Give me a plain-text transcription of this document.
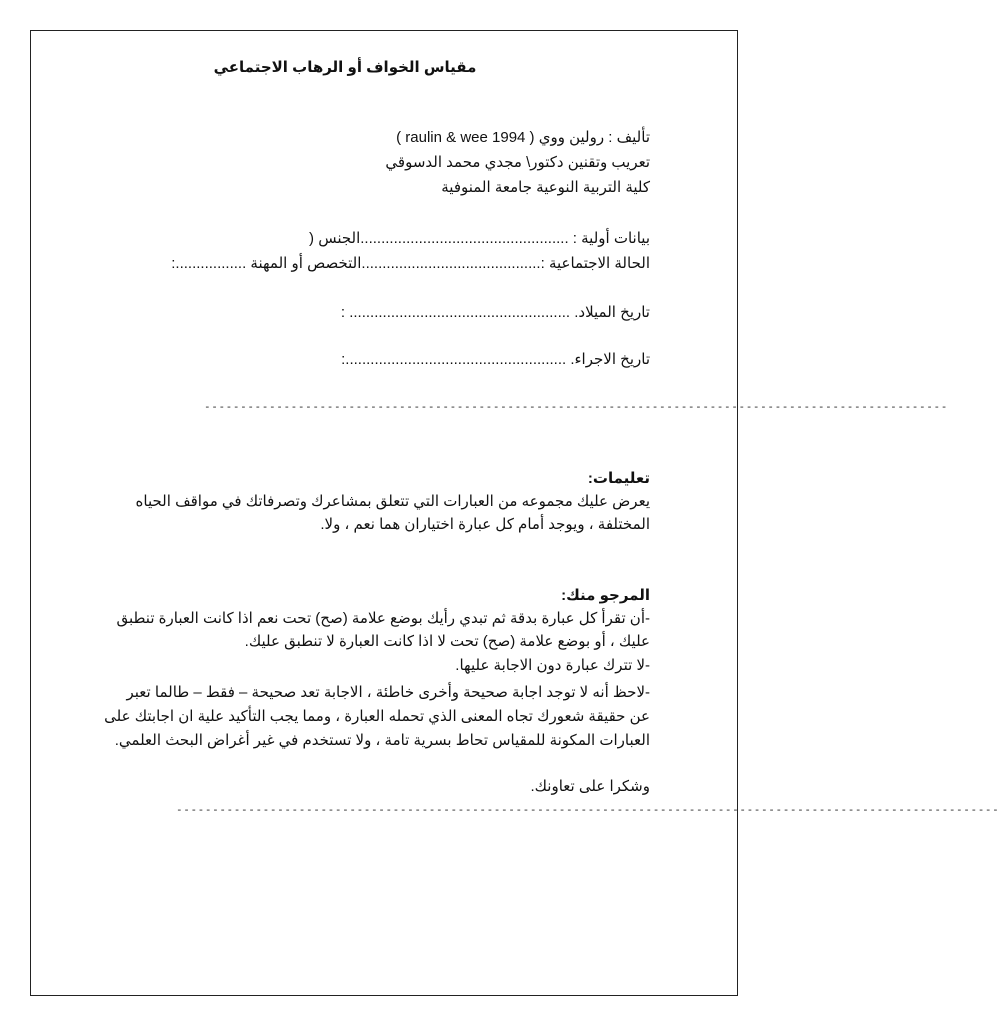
مقياس الخواف أو الرهاب الاجتماعي
تألیف : رولين ووي ( 1994 raulin & wee )
تعريب وتقنين دكتور\ مجدي محمد الدسوقي
كلية التربية النوعية جامعة المنوفية
بيانات أولية : ..................................................الجنس (
الحالة الاجتماعية :...........................................التخصص أو المهنة .................:
تاريخ الميلاد. ..................................................... :
تاريخ الاجراء. .....................................................:
-------------------------------------------------------------------------------------------------------
تعليمات:
يعرض عليك مجموعه من العبارات التي تتعلق بمشاعرك وتصرفاتك في مواقف الحياه
المختلفة ، ويوجد أمام كل عبارة اختياران هما نعم ، ولا.
المرجو منك:
-أن تقرأ كل عبارة بدقة ثم تبدي رأيك بوضع علامة (صح) تحت نعم اذا كانت العبارة تنطبق
عليك ، أو بوضع علامة (صح) تحت لا اذا كانت العبارة لا تنطبق عليك.
-لا تترك عبارة دون الاجابة عليها.
-لاحظ أنه لا توجد اجابة صحيحة وأخرى خاطئة ، الاجابة تعد صحيحة – فقط – طالما تعبر
عن حقيقة شعورك تجاه المعنى الذي تحمله العبارة ، ومما يجب التأكيد علية ان اجابتك على
العبارات المكونة للمقياس تحاط بسرية تامة ، ولا تستخدم في غير أغراض البحث العلمي.
وشكرا على تعاونك.
------------------------------------------------------------------------------------------------------------------
